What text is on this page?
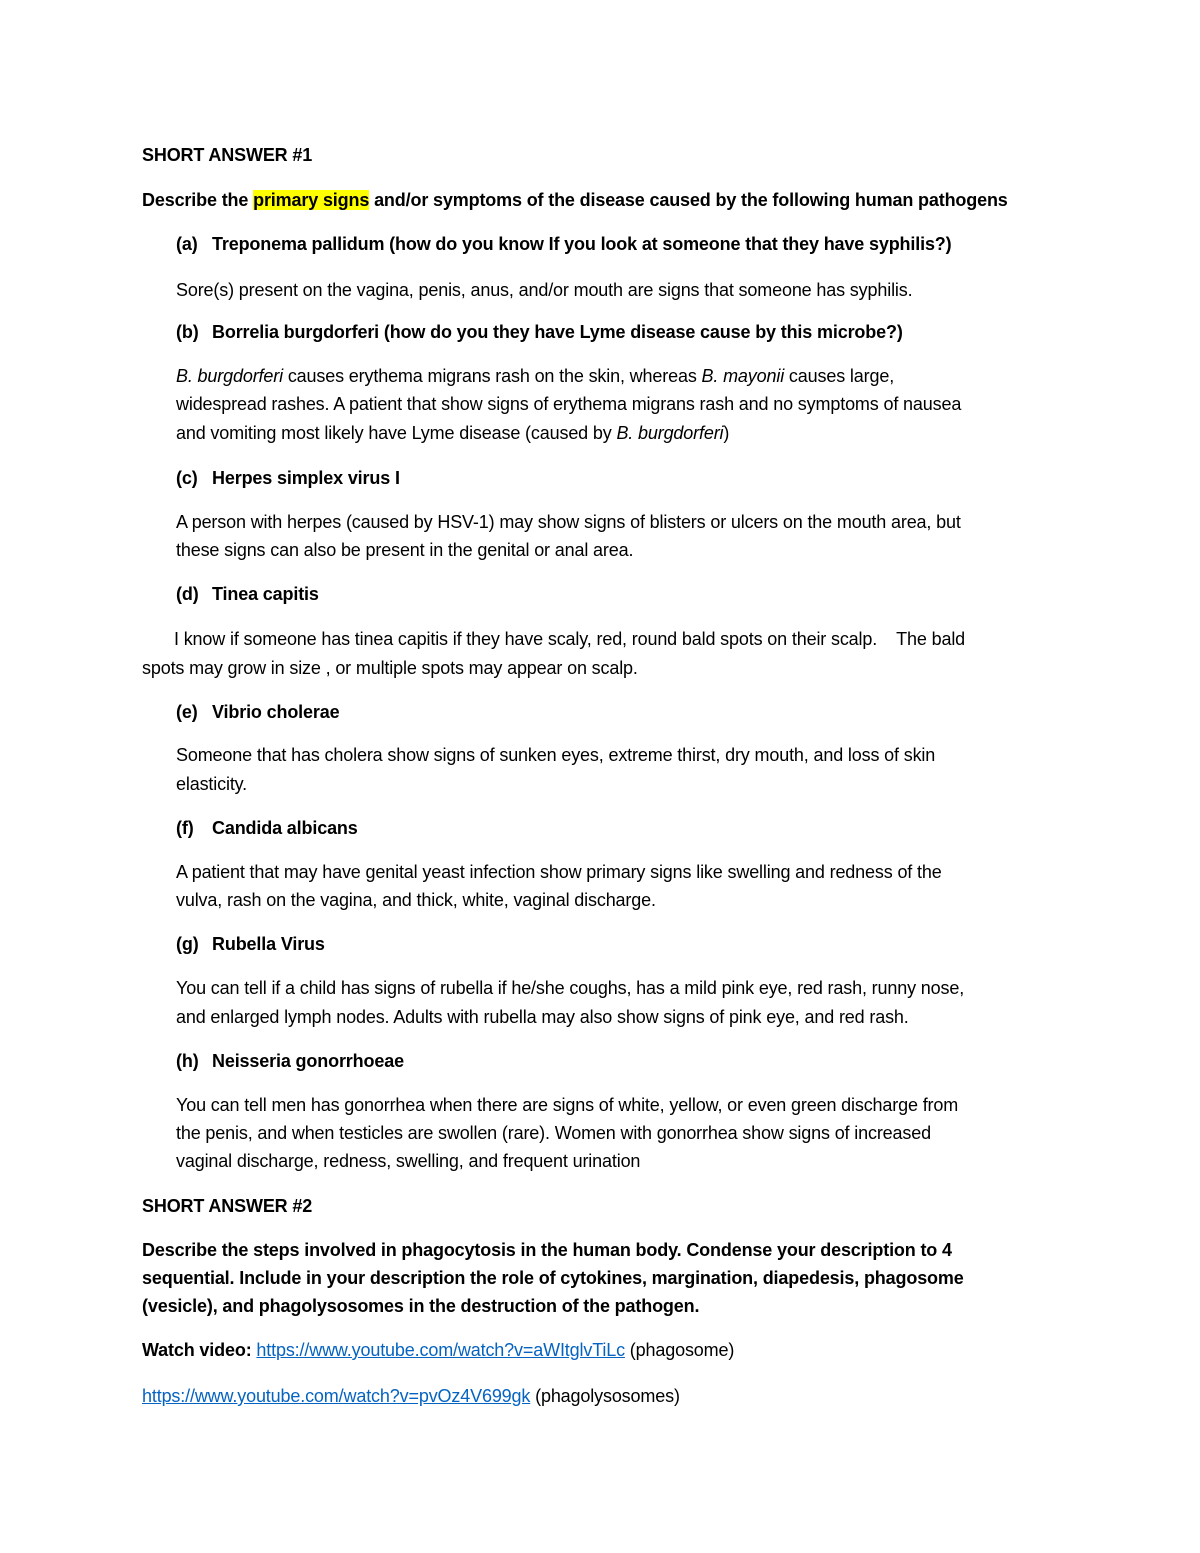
SHORT ANSWER #1

Describe the primary signs and/or symptoms of the disease caused by the following human pathogens

(a) Treponema pallidum (how do you know If you look at someone that they have syphilis?)

Sore(s) present on the vagina, penis, anus, and/or mouth are signs that someone has syphilis.

(b) Borrelia burgdorferi (how do you they have Lyme disease cause by this microbe?)

B. burgdorferi causes erythema migrans rash on the skin, whereas B. mayonii causes large,

widespread rashes. A patient that show signs of erythema migrans rash and no symptoms of nausea

and vomiting most likely have Lyme disease (caused by B. burgdorferi)

(c) Herpes simplex virus I

A person with herpes (caused by HSV-1) may show signs of blisters or ulcers on the mouth area, but

these signs can also be present in the genital or anal area.

(d) Tinea capitis

I know if someone has tinea capitis if they have scaly, red, round bald spots on their scalp.    The bald

spots may grow in size , or multiple spots may appear on scalp.

(e) Vibrio cholerae

Someone that has cholera show signs of sunken eyes, extreme thirst, dry mouth, and loss of skin

elasticity.

(f) Candida albicans

A patient that may have genital yeast infection show primary signs like swelling and redness of the

vulva, rash on the vagina, and thick, white, vaginal discharge.

(g) Rubella Virus

You can tell if a child has signs of rubella if he/she coughs, has a mild pink eye, red rash, runny nose,

and enlarged lymph nodes. Adults with rubella may also show signs of pink eye, and red rash.

(h) Neisseria gonorrhoeae

You can tell men has gonorrhea when there are signs of white, yellow, or even green discharge from

the penis, and when testicles are swollen (rare). Women with gonorrhea show signs of increased

vaginal discharge, redness, swelling, and frequent urination

SHORT ANSWER #2

Describe the steps involved in phagocytosis in the human body. Condense your description to 4

sequential. Include in your description the role of cytokines, margination, diapedesis, phagosome

(vesicle), and phagolysosomes in the destruction of the pathogen.

Watch video: https://www.youtube.com/watch?v=aWItglvTiLc (phagosome)

https://www.youtube.com/watch?v=pvOz4V699gk (phagolysosomes)
